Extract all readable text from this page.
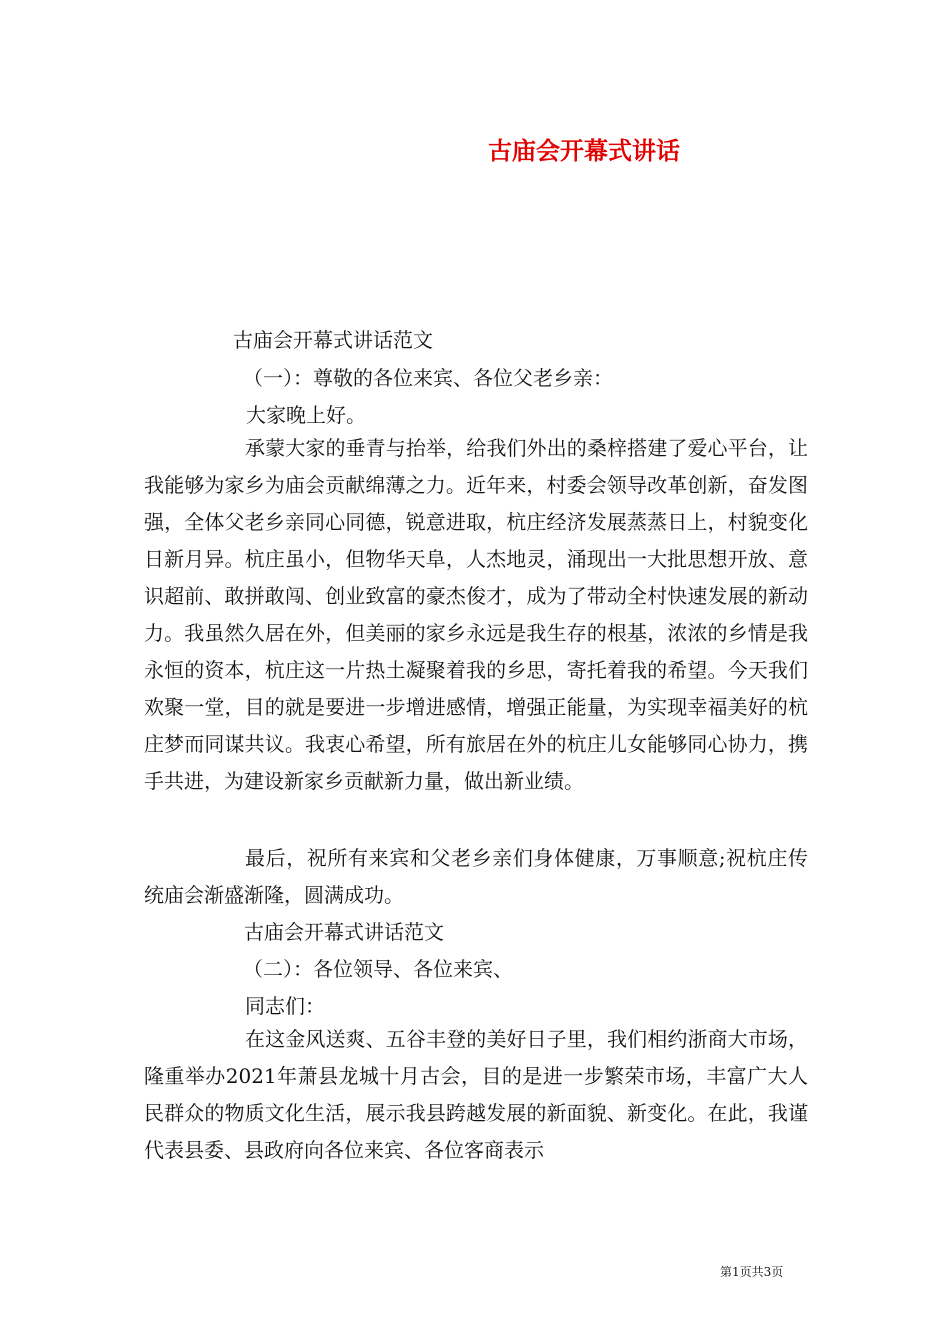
古庙会开幕式讲话
古庙会开幕式讲话范文
（一）：尊敬的各位来宾、各位父老乡亲：
大家晚上好。

承蒙大家的垂青与抬举，给我们外出的桑梓搭建了爱心平台，让我能够为家乡为庙会贡献绵薄之力。近年来，村委会领导改革创新，奋发图强，全体父老乡亲同心同德，锐意进取，杭庄经济发展蒸蒸日上，村貌变化日新月异。杭庄虽小，但物华天阜，人杰地灵，涌现出一大批思想开放、意识超前、敢拼敢闯、创业致富的豪杰俊才，成为了带动全村快速发展的新动力。我虽然久居在外，但美丽的家乡永远是我生存的根基，浓浓的乡情是我永恒的资本，杭庄这一片热土凝聚着我的乡思，寄托着我的希望。今天我们欢聚一堂，目的就是要进一步增进感情，增强正能量，为实现幸福美好的杭庄梦而同谋共议。我衷心希望，所有旅居在外的杭庄儿女能够同心协力，携手共进，为建设新家乡贡献新力量，做出新业绩。

最后，祝所有来宾和父老乡亲们身体健康，万事顺意;祝杭庄传统庙会渐盛渐隆，圆满成功。

古庙会开幕式讲话范文
（二）：各位领导、各位来宾、
同志们：

在这金风送爽、五谷丰登的美好日子里，我们相约浙商大市场，隆重举办2021年萧县龙城十月古会，目的是进一步繁荣市场，丰富广大人民群众的物质文化生活，展示我县跨越发展的新面貌、新变化。在此，我谨代表县委、县政府向各位来宾、各位客商表示

第1页共3页
